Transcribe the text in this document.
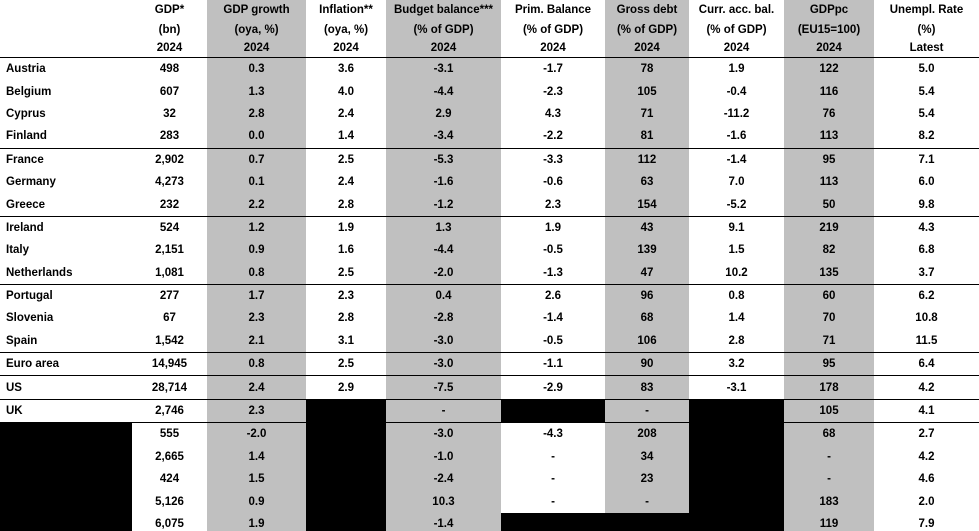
	GDP*	GDP growth	Inflation**	Budget balance***	Prim. Balance	Gross debt	Curr. acc. bal.	GDPpc	Unempl. Rate
	(bn)	(oya, %)	(oya, %)	(% of GDP)	(% of GDP)	(% of GDP)	(% of GDP)	(EU15=100)	(%)
	2024	2024	2024	2024	2024	2024	2024	2024	Latest
Austria	498	0.3	3.6	-3.1	-1.7	78	1.9	122	5.0
Belgium	607	1.3	4.0	-4.4	-2.3	105	-0.4	116	5.4
Cyprus	32	2.8	2.4	2.9	4.3	71	-11.2	76	5.4
Finland	283	0.0	1.4	-3.4	-2.2	81	-1.6	113	8.2
France	2,902	0.7	2.5	-5.3	-3.3	112	-1.4	95	7.1
Germany	4,273	0.1	2.4	-1.6	-0.6	63	7.0	113	6.0
Greece	232	2.2	2.8	-1.2	2.3	154	-5.2	50	9.8
Ireland	524	1.2	1.9	1.3	1.9	43	9.1	219	4.3
Italy	2,151	0.9	1.6	-4.4	-0.5	139	1.5	82	6.8
Netherlands	1,081	0.8	2.5	-2.0	-1.3	47	10.2	135	3.7
Portugal	277	1.7	2.3	0.4	2.6	96	0.8	60	6.2
Slovenia	67	2.3	2.8	-2.8	-1.4	68	1.4	70	10.8
Spain	1,542	2.1	3.1	-3.0	-0.5	106	2.8	71	11.5
Euro area	14,945	0.8	2.5	-3.0	-1.1	90	3.2	95	6.4
US	28,714	2.4	2.9	-7.5	-2.9	83	-3.1	178	4.2
UK	2,746	2.3		-		-		105	4.1
	555	-2.0		-3.0	-4.3	208		68	2.7
	2,665	1.4		-1.0	-	34		-	4.2
	424	1.5		-2.4	-	23		-	4.6
	5,126	0.9		10.3	-	-		183	2.0
	6,075	1.9		-1.4				119	7.9
